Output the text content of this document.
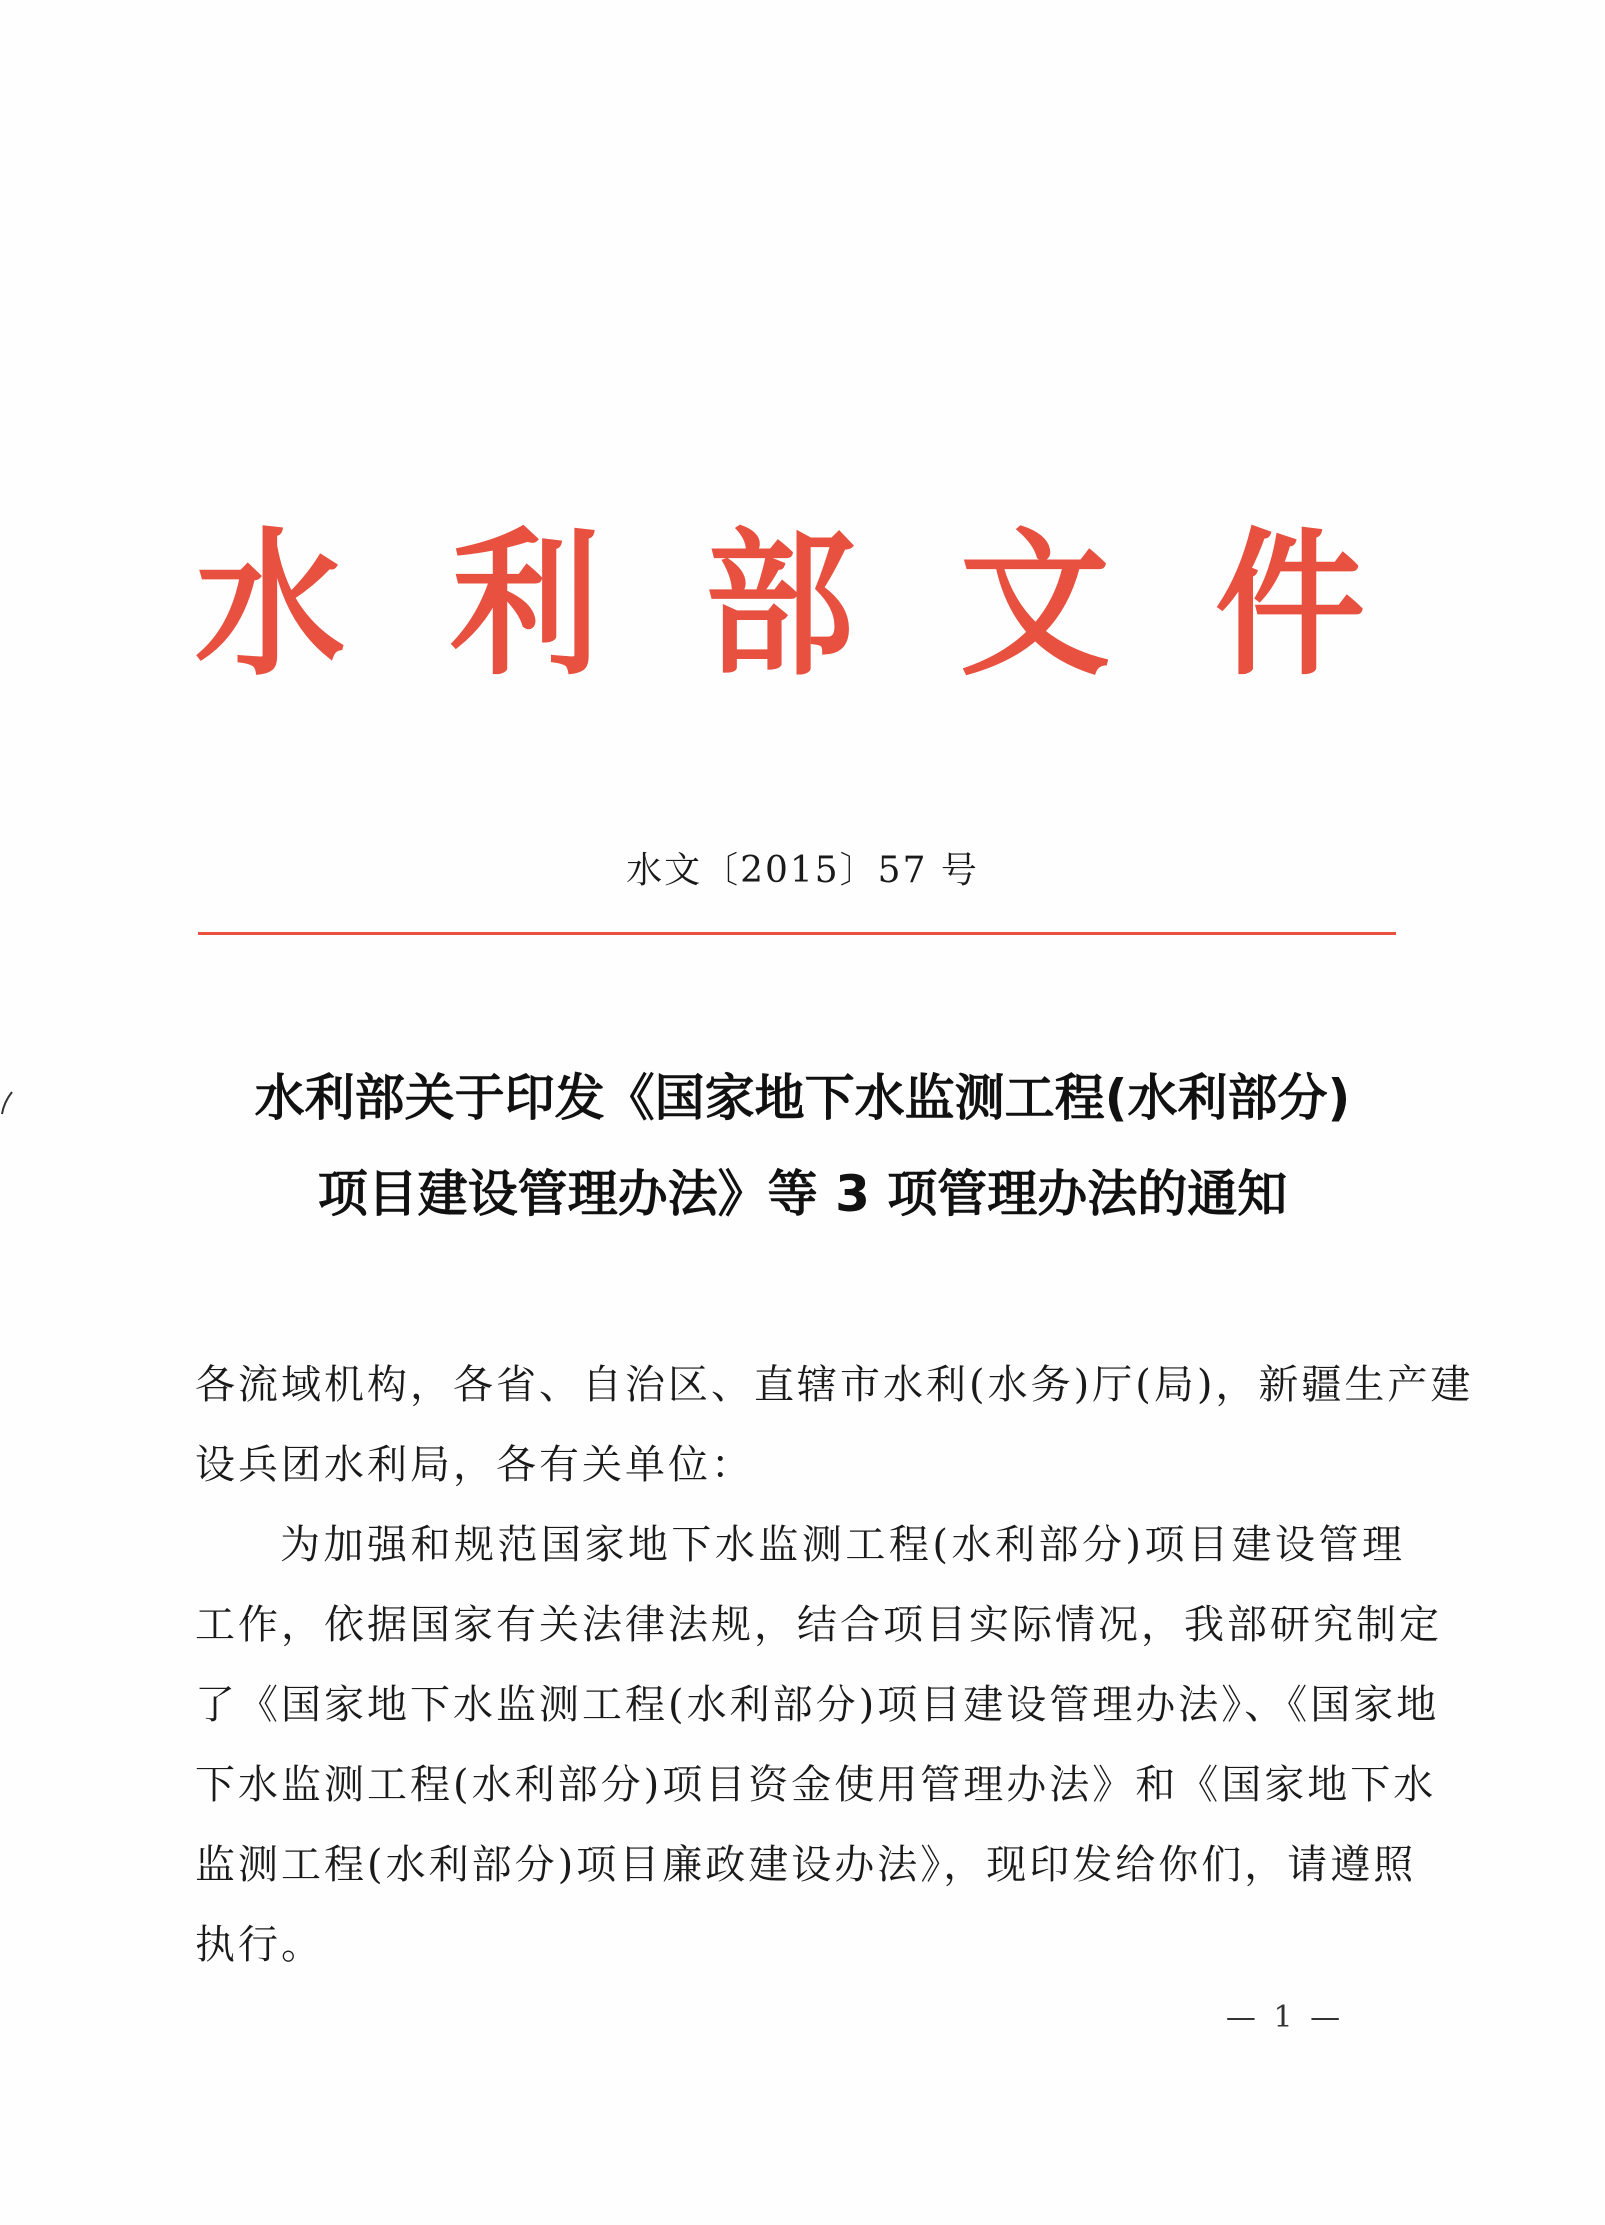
水 利 部 文 件
水文〔2015〕57 号
水利部关于印发《国家地下水监测工程(水利部分)
项目建设管理办法》等 3 项管理办法的通知
各流域机构，各省、自治区、直辖市水利(水务)厅(局)，新疆生产建
设兵团水利局，各有关单位：
为加强和规范国家地下水监测工程(水利部分)项目建设管理
工作，依据国家有关法律法规，结合项目实际情况，我部研究制定
了《国家地下水监测工程(水利部分)项目建设管理办法》、《国家地
下水监测工程(水利部分)项目资金使用管理办法》和《国家地下水
监测工程(水利部分)项目廉政建设办法》，现印发给你们，请遵照
执行。
— 1 —
